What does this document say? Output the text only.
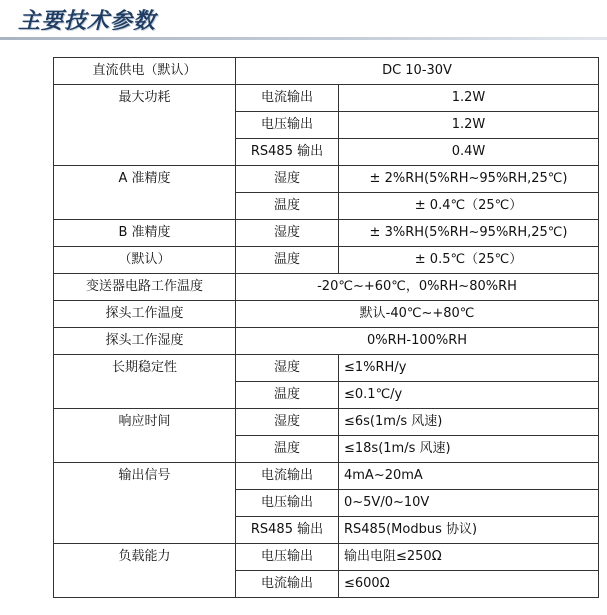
主要技术参数
直流供电（默认）	DC 10-30V	
最大功耗	电流输出	1.2W
	电压输出	1.2W
	RS485 输出	0.4W
A 准精度	湿度	± 2%RH(5%RH~95%RH,25℃)
	温度	± 0.4℃（25℃）
B 准精度	湿度	± 3%RH(5%RH~95%RH,25℃)
（默认）	温度	± 0.5℃（25℃）
变送器电路工作温度	-20℃~+60℃，0%RH~80%RH	
探头工作温度	默认-40℃~+80℃	
探头工作湿度	0%RH-100%RH	
长期稳定性	湿度	≤1%RH/y
	温度	≤0.1℃/y
响应时间	湿度	≤6s(1m/s 风速)
	温度	≤18s(1m/s 风速)
输出信号	电流输出	4mA~20mA
	电压输出	0~5V/0~10V
	RS485 输出	RS485(Modbus 协议)
负载能力	电压输出	输出电阻≤250Ω
	电流输出	≤600Ω
